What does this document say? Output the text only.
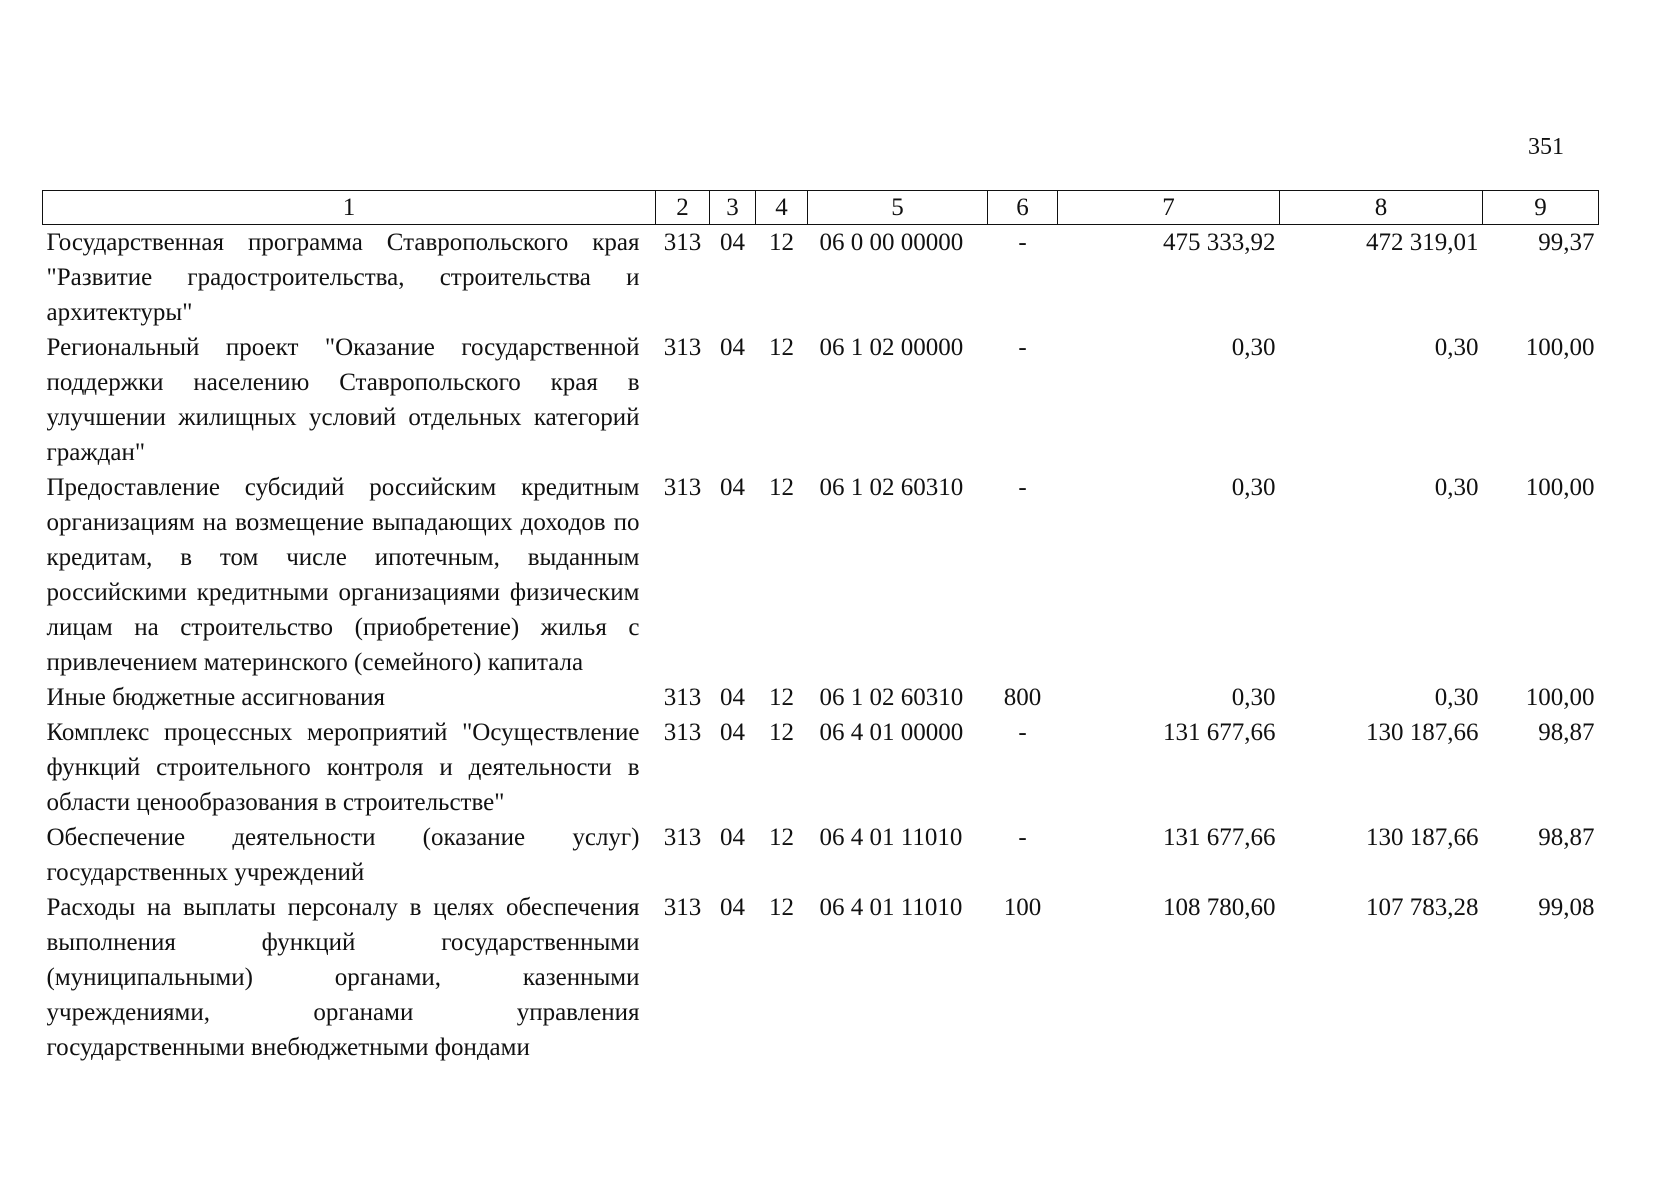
351
1	2	3	4	5	6	7	8	9
Государственная программа Ставропольского края "Развитие градостроительства, строительства и архитектуры"	313	04	12	06 0 00 00000	-	475 333,92	472 319,01	99,37
Региональный проект "Оказание государственной поддержки населению Ставропольского края в улучшении жилищных условий отдельных категорий граждан"	313	04	12	06 1 02 00000	-	0,30	0,30	100,00
Предоставление субсидий российским кредитным организациям на возмещение выпадающих доходов по кредитам, в том числе ипотечным, выданным российскими кредитными организациями физическим лицам на строительство (приобретение) жилья с привлечением материнского (семейного) капитала	313	04	12	06 1 02 60310	-	0,30	0,30	100,00
Иные бюджетные ассигнования	313	04	12	06 1 02 60310	800	0,30	0,30	100,00
Комплекс процессных мероприятий "Осуществление функций строительного контроля и деятельности в области ценообразования в строительстве"	313	04	12	06 4 01 00000	-	131 677,66	130 187,66	98,87
Обеспечение деятельности (оказание услуг) государственных учреждений	313	04	12	06 4 01 11010	-	131 677,66	130 187,66	98,87
Расходы на выплаты персоналу в целях обеспечения выполнения функций государственными (муниципальными) органами, казенными учреждениями, органами управления государственными внебюджетными фондами	313	04	12	06 4 01 11010	100	108 780,60	107 783,28	99,08
